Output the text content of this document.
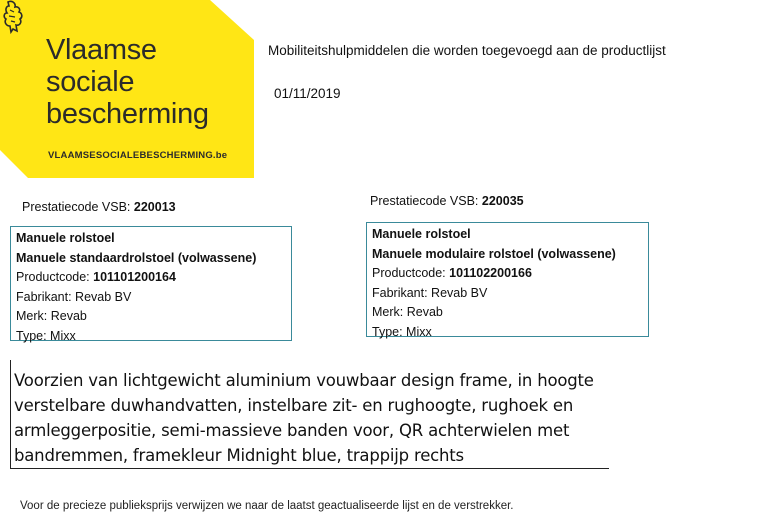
Vlaamse
sociale
bescherming
VLAAMSESOCIALEBESCHERMING.be
Mobiliteitshulpmiddelen die worden toegevoegd aan de productlijst
01/11/2019
Prestatiecode VSB: 220013
Manuele rolstoel
Manuele standaardrolstoel (volwassene)
Productcode: 101101200164
Fabrikant: Revab BV
Merk: Revab
Type: Mixx
Prestatiecode VSB: 220035
Manuele rolstoel
Manuele modulaire rolstoel (volwassene)
Productcode: 101102200166
Fabrikant: Revab BV
Merk: Revab
Type: Mixx
Voorzien van lichtgewicht aluminium vouwbaar design frame, in hoogte verstelbare duwhandvatten, instelbare zit- en rughoogte, rughoek en armleggerpositie, semi-massieve banden voor, QR achterwielen met bandremmen, framekleur Midnight blue, trappijp rechts
Voor de precieze publieksprijs verwijzen we naar de laatst geactualiseerde lijst en de verstrekker.
